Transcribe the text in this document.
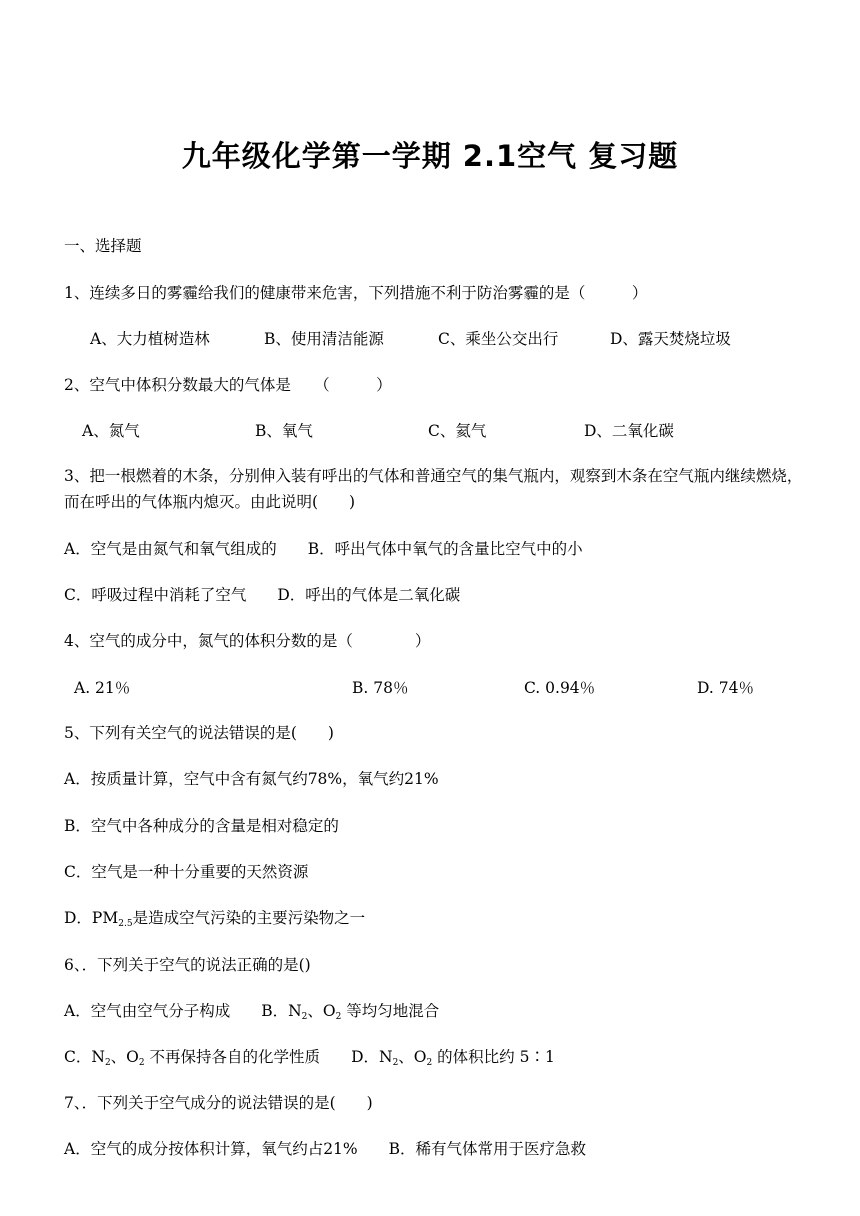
九年级化学第一学期 2.1空气 复习题
一、选择题
1、连续多日的雾霾给我们的健康带来危害，下列措施不利于防治雾霾的是（　　　）
A、大力植树造林	B、使用清洁能源	C、乘坐公交出行	D、露天焚烧垃圾
2、空气中体积分数最大的气体是　　（　　　）
A、氮气	B、氧气	C、氦气	D、二氧化碳
3、把一根燃着的木条，分别伸入装有呼出的气体和普通空气的集气瓶内，观察到木条在空气瓶内继续燃烧，而在呼出的气体瓶内熄灭。由此说明(　　)
A．空气是由氮气和氧气组成的　　B．呼出气体中氧气的含量比空气中的小
C．呼吸过程中消耗了空气　　D．呼出的气体是二氧化碳
4、空气的成分中，氮气的体积分数的是（　　　　）
A. 21％	B. 78％	C. 0.94％	D. 74％
5、下列有关空气的说法错误的是(　　)
A．按质量计算，空气中含有氮气约78%，氧气约21%
B．空气中各种成分的含量是相对稳定的
C．空气是一种十分重要的天然资源
D．$PM_{2.5}$是造成空气污染的主要污染物之一
6、．下列关于空气的说法正确的是()
A．空气由空气分子构成　　B．$N_2$、$O_2$ 等均匀地混合
C．$N_2$、$O_2$ 不再保持各自的化学性质　　D．$N_2$、$O_2$ 的体积比约 5∶1
7、．下列关于空气成分的说法错误的是(　　)
A．空气的成分按体积计算，氧气约占21%　　B．稀有气体常用于医疗急救
